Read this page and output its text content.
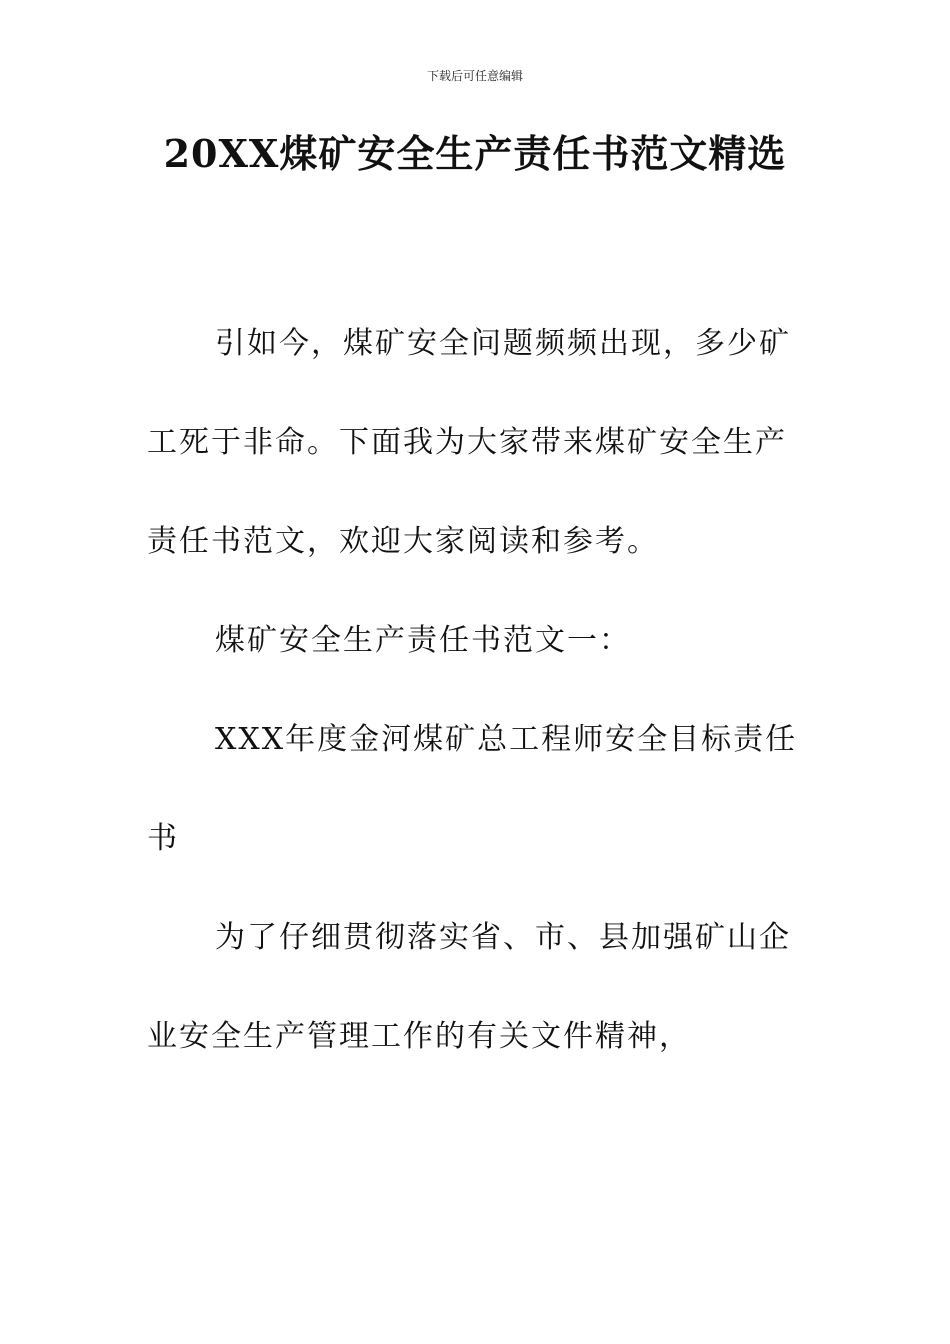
下载后可任意编辑
20XX煤矿安全生产责任书范文精选

引如今，煤矿安全问题频频出现，多少矿工死于非命。下面我为大家带来煤矿安全生产责任书范文，欢迎大家阅读和参考。

煤矿安全生产责任书范文一：

XXX年度金河煤矿总工程师安全目标责任书

为了仔细贯彻落实省、市、县加强矿山企业安全生产管理工作的有关文件精神，
